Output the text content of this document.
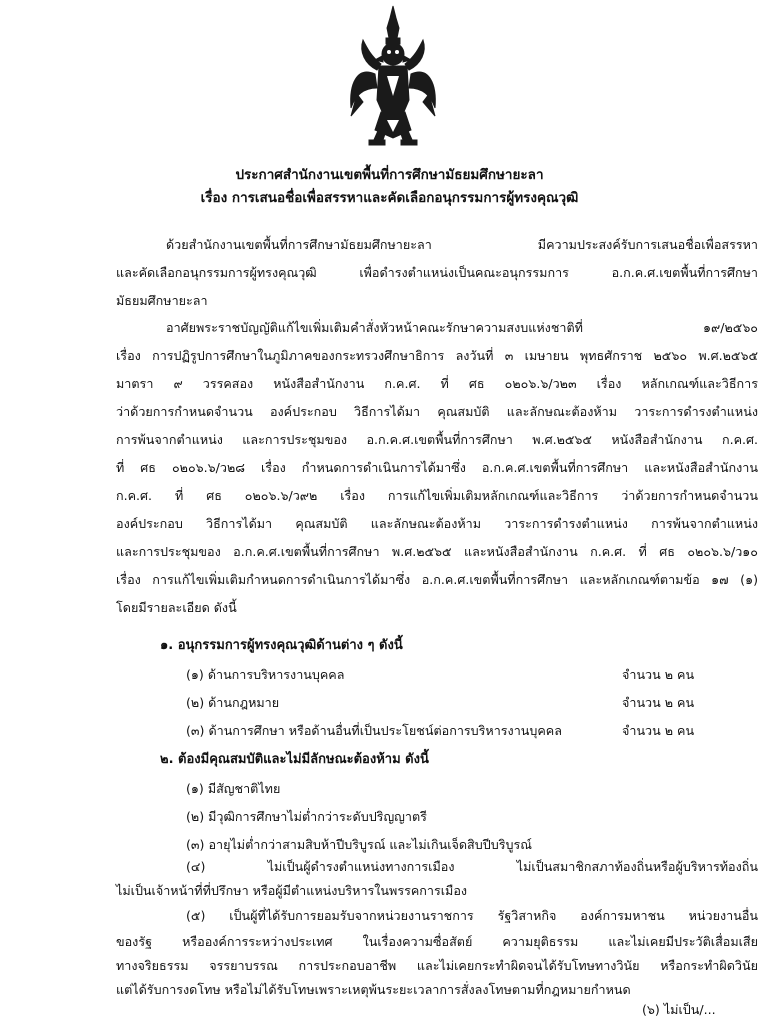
ประกาศสำนักงานเขตพื้นที่การศึกษามัธยมศึกษายะลา
เรื่อง การเสนอชื่อเพื่อสรรหาและคัดเลือกอนุกรรมการผู้ทรงคุณวุฒิ
ด้วยสำนักงานเขตพื้นที่การศึกษามัธยมศึกษายะลา มีความประสงค์รับการเสนอชื่อเพื่อสรรหา
และคัดเลือกอนุกรรมการผู้ทรงคุณวุฒิ เพื่อดำรงตำแหน่งเป็นคณะอนุกรรมการ อ.ก.ค.ศ.เขตพื้นที่การศึกษา
มัธยมศึกษายะลา
อาศัยพระราชบัญญัติแก้ไขเพิ่มเติมคำสั่งหัวหน้าคณะรักษาความสงบแห่งชาติที่ ๑๙/๒๕๖๐
เรื่อง การปฏิรูปการศึกษาในภูมิภาคของกระทรวงศึกษาธิการ ลงวันที่ ๓ เมษายน พุทธศักราช ๒๕๖๐ พ.ศ.๒๕๖๕
มาตรา ๙ วรรคสอง หนังสือสำนักงาน ก.ค.ศ. ที่ ศธ ๐๒๐๖.๖/ว๒๓ เรื่อง หลักเกณฑ์และวิธีการ
ว่าด้วยการกำหนดจำนวน องค์ประกอบ วิธีการได้มา คุณสมบัติ และลักษณะต้องห้าม วาระการดำรงตำแหน่ง
การพ้นจากตำแหน่ง และการประชุมของ อ.ก.ค.ศ.เขตพื้นที่การศึกษา พ.ศ.๒๕๖๕ หนังสือสำนักงาน ก.ค.ศ.
ที่ ศธ ๐๒๐๖.๖/ว๒๘ เรื่อง กำหนดการดำเนินการได้มาซึ่ง อ.ก.ค.ศ.เขตพื้นที่การศึกษา และหนังสือสำนักงาน
ก.ค.ศ. ที่ ศธ ๐๒๐๖.๖/ว๙๒ เรื่อง การแก้ไขเพิ่มเติมหลักเกณฑ์และวิธีการ ว่าด้วยการกำหนดจำนวน
องค์ประกอบ วิธีการได้มา คุณสมบัติ และลักษณะต้องห้าม วาระการดำรงตำแหน่ง การพ้นจากตำแหน่ง
และการประชุมของ อ.ก.ค.ศ.เขตพื้นที่การศึกษา พ.ศ.๒๕๖๕ และหนังสือสำนักงาน ก.ค.ศ. ที่ ศธ ๐๒๐๖.๖/ว๑๐
เรื่อง การแก้ไขเพิ่มเติมกำหนดการดำเนินการได้มาซึ่ง อ.ก.ค.ศ.เขตพื้นที่การศึกษา และหลักเกณฑ์ตามข้อ ๑๗ (๑)
โดยมีรายละเอียด ดังนี้
๑. อนุกรรมการผู้ทรงคุณวุฒิด้านต่าง ๆ ดังนี้
(๑) ด้านการบริหารงานบุคคล	จำนวน ๒ คน
(๒) ด้านกฎหมาย	จำนวน ๒ คน
(๓) ด้านการศึกษา หรือด้านอื่นที่เป็นประโยชน์ต่อการบริหารงานบุคคล	จำนวน ๒ คน
๒. ต้องมีคุณสมบัติและไม่มีลักษณะต้องห้าม ดังนี้
(๑) มีสัญชาติไทย
(๒) มีวุฒิการศึกษาไม่ต่ำกว่าระดับปริญญาตรี
(๓) อายุไม่ต่ำกว่าสามสิบห้าปีบริบูรณ์ และไม่เกินเจ็ดสิบปีบริบูรณ์
(๔) ไม่เป็นผู้ดำรงตำแหน่งทางการเมือง ไม่เป็นสมาชิกสภาท้องถิ่นหรือผู้บริหารท้องถิ่น
ไม่เป็นเจ้าหน้าที่ที่ปรึกษา หรือผู้มีตำแหน่งบริหารในพรรคการเมือง
(๖) ไม่เป็น/...
(๕) เป็นผู้ที่ได้รับการยอมรับจากหน่วยงานราชการ รัฐวิสาหกิจ องค์การมหาชน หน่วยงานอื่น
ของรัฐ หรือองค์การระหว่างประเทศ ในเรื่องความซื่อสัตย์ ความยุติธรรม และไม่เคยมีประวัติเสื่อมเสีย
ทางจริยธรรม จรรยาบรรณ การประกอบอาชีพ และไม่เคยกระทำผิดจนได้รับโทษทางวินัย หรือกระทำผิดวินัย
แต่ได้รับการงดโทษ หรือไม่ได้รับโทษเพราะเหตุพ้นระยะเวลาการสั่งลงโทษตามที่กฎหมายกำหนด
